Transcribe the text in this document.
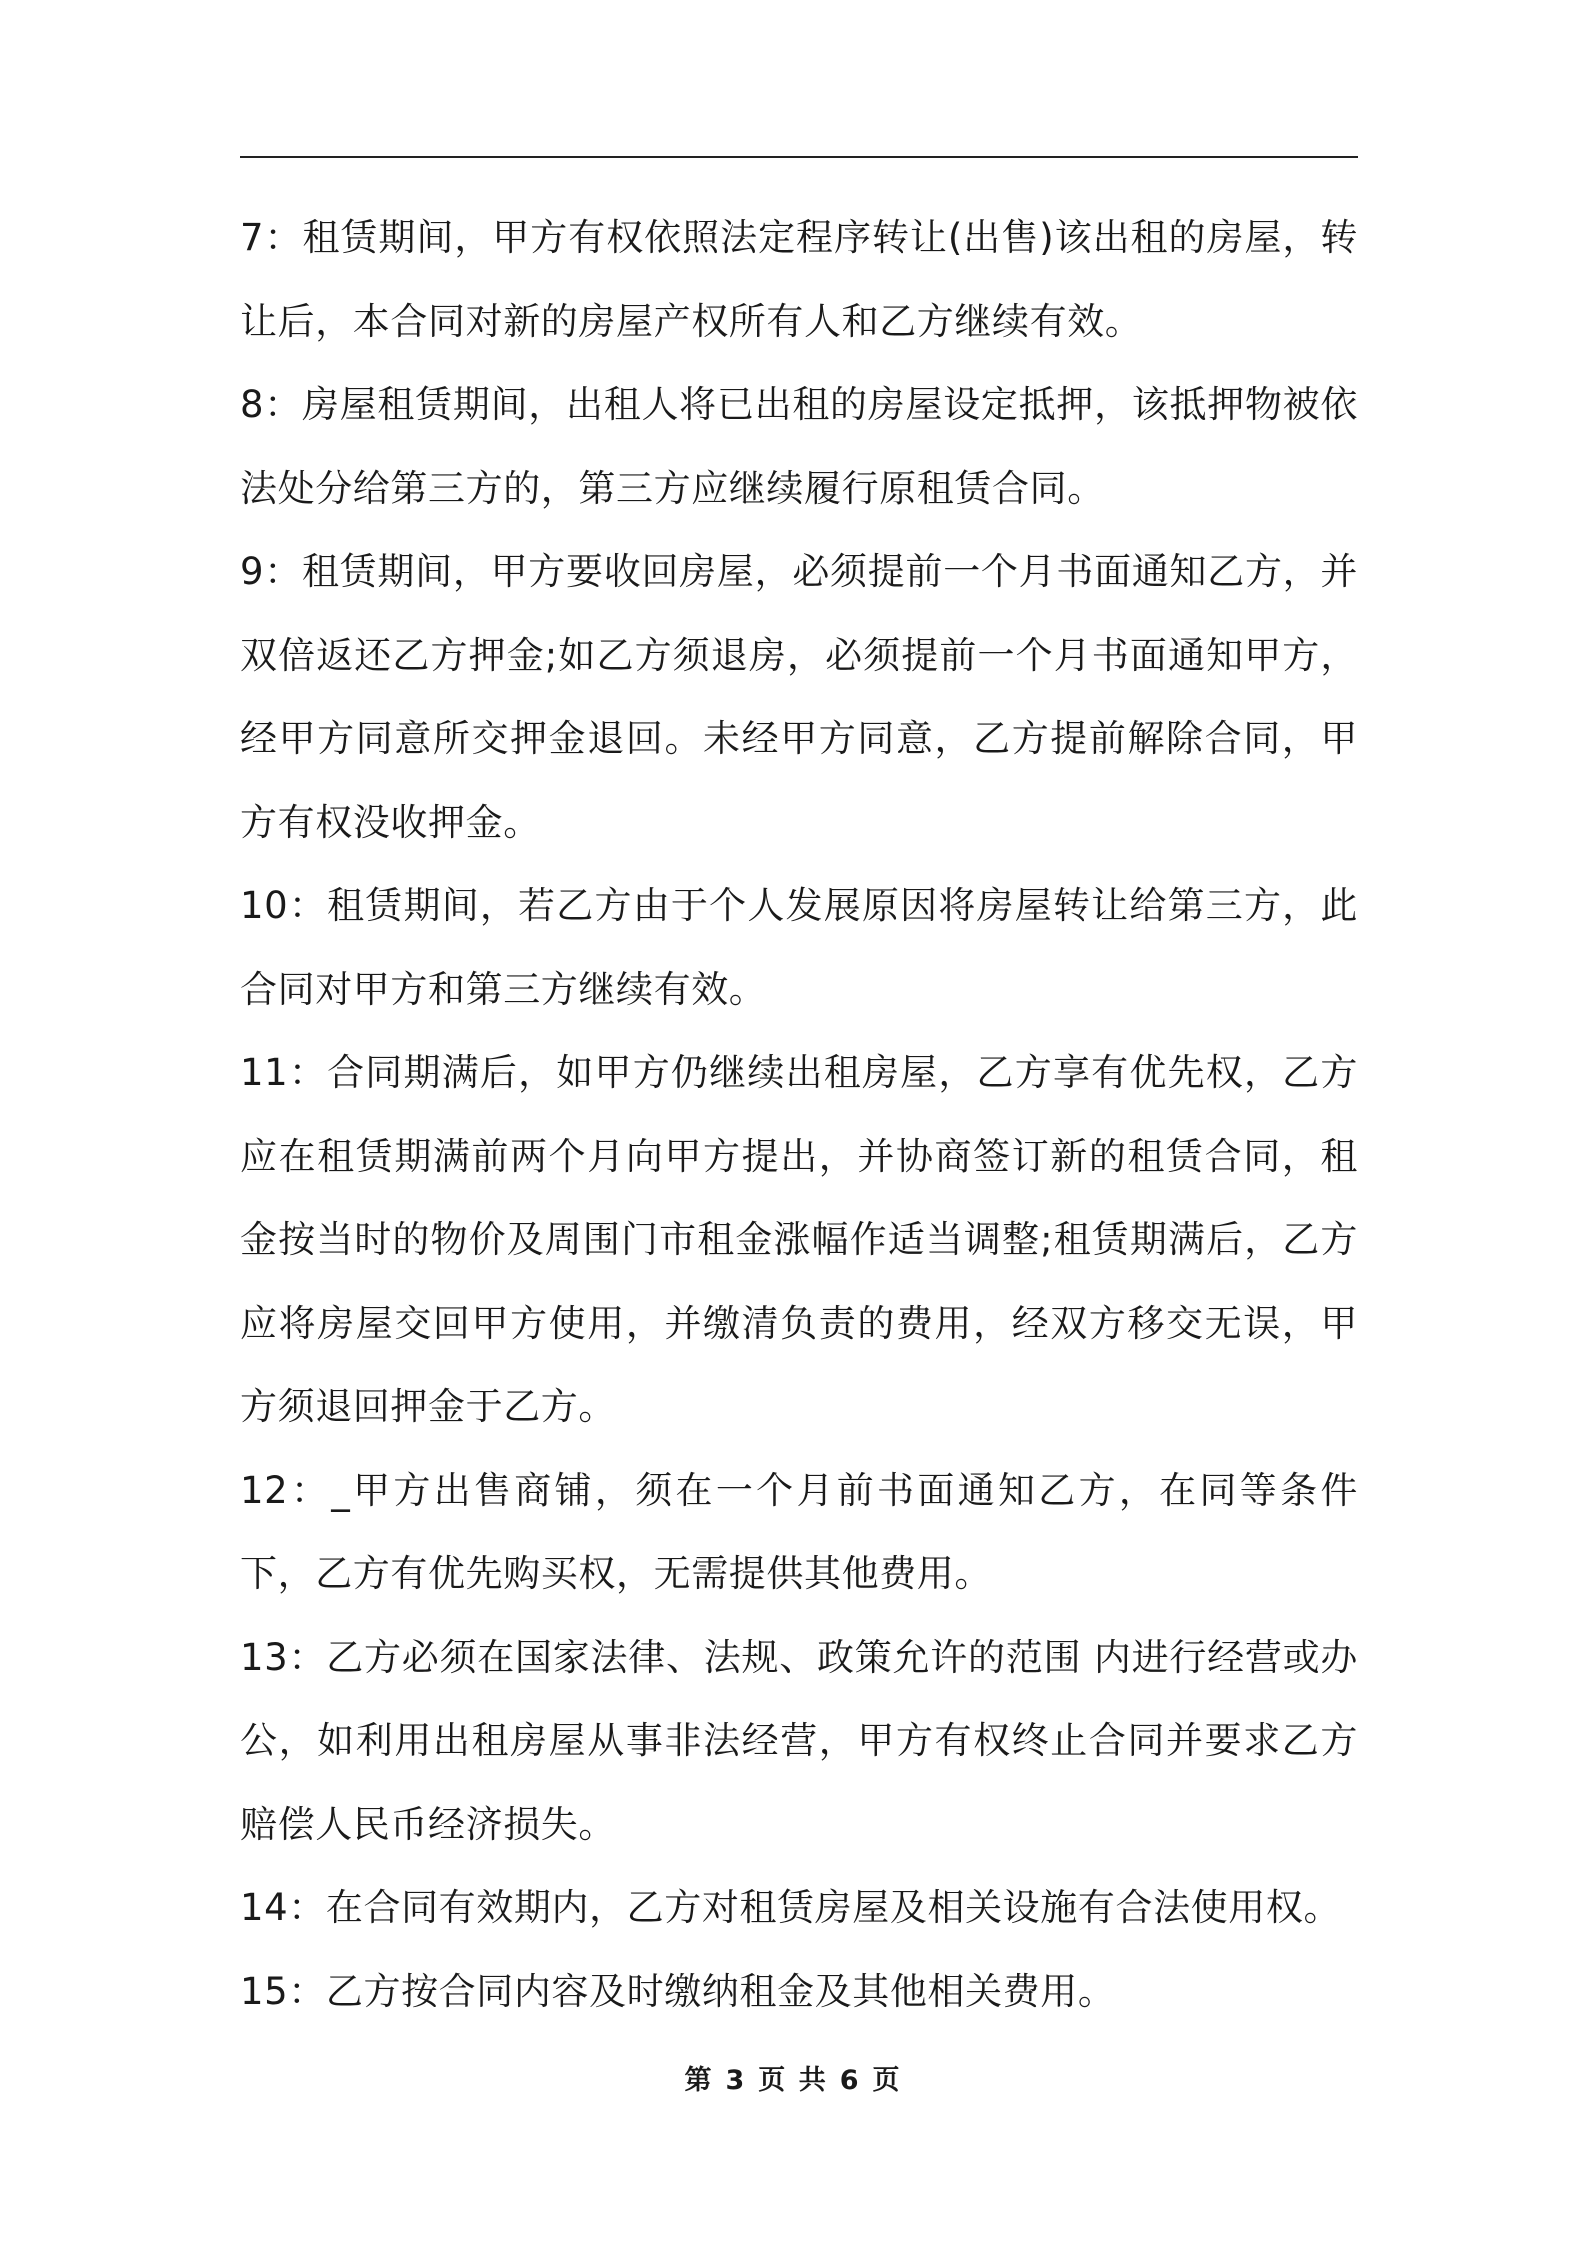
7：租赁期间，甲方有权依照法定程序转让(出售)该出租的房屋，转让后，本合同对新的房屋产权所有人和乙方继续有效。

8：房屋租赁期间，出租人将已出租的房屋设定抵押，该抵押物被依法处分给第三方的，第三方应继续履行原租赁合同。

9：租赁期间，甲方要收回房屋，必须提前一个月书面通知乙方，并双倍返还乙方押金;如乙方须退房，必须提前一个月书面通知甲方，经甲方同意所交押金退回。未经甲方同意，乙方提前解除合同，甲方有权没收押金。

10：租赁期间，若乙方由于个人发展原因将房屋转让给第三方，此合同对甲方和第三方继续有效。

11：合同期满后，如甲方仍继续出租房屋，乙方享有优先权，乙方应在租赁期满前两个月向甲方提出，并协商签订新的租赁合同，租金按当时的物价及周围门市租金涨幅作适当调整;租赁期满后，乙方应将房屋交回甲方使用，并缴清负责的费用，经双方移交无误，甲方须退回押金于乙方。

12：_甲方出售商铺，须在一个月前书面通知乙方，在同等条件下，乙方有优先购买权，无需提供其他费用。

13：乙方必须在国家法律、法规、政策允许的范围 内进行经营或办公，如利用出租房屋从事非法经营，甲方有权终止合同并要求乙方赔偿人民币经济损失。

14：在合同有效期内，乙方对租赁房屋及相关设施有合法使用权。

15：乙方按合同内容及时缴纳租金及其他相关费用。

第 3 页 共 6 页
